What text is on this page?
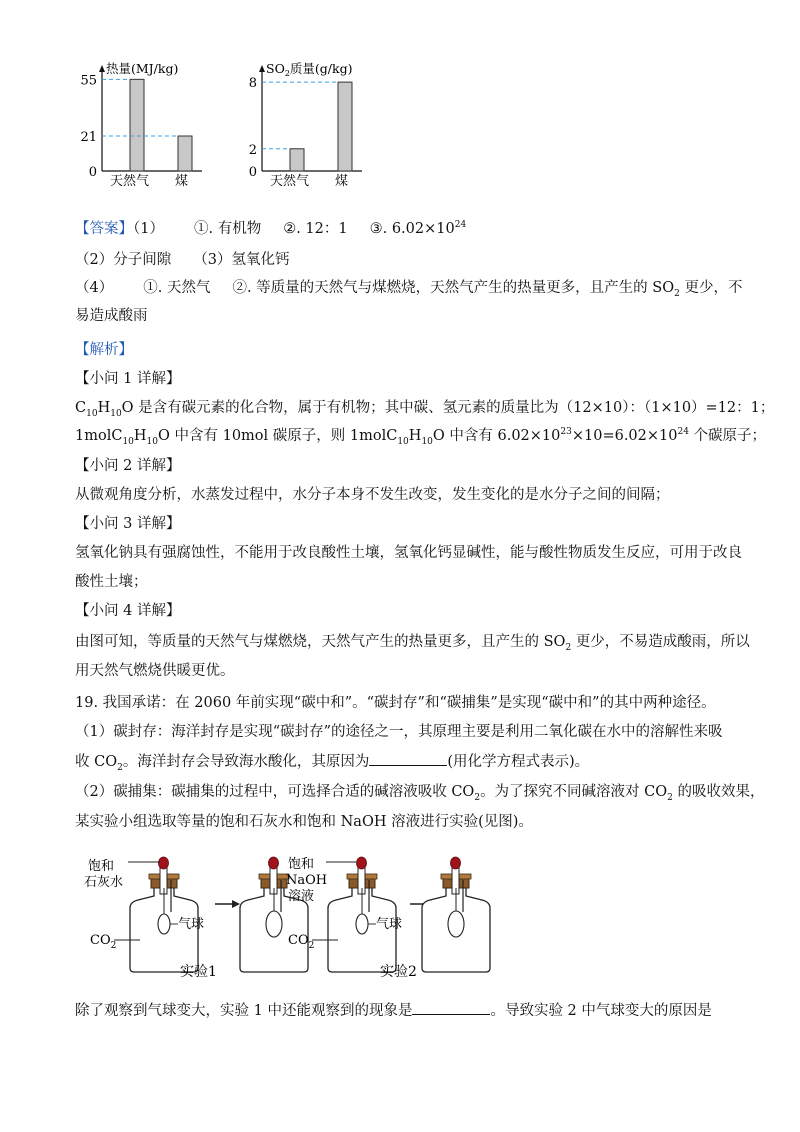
热量(MJ/kg)
天然气 煤
0
21
55
$SO_2$质量(g/kg)
天然气 煤
0
2
8
【答案】（1） ①. 有机物 ②. 12：1 ③. $6.02\times 10^{24}$
（2）分子间隙 （3）氢氧化钙
（4） ①. 天然气 ②. 等质量的天然气与煤燃烧，天然气产生的热量更多，且产生的 $SO_2$ 更少，不
易造成酸雨
【解析】
【小问 1 详解】
$C_{10}H_{10}O$ 是含有碳元素的化合物，属于有机物；其中碳、氢元素的质量比为（12×10）：（1×10）=12：1；
$1molC_{10}H_{10}O$ 中含有 10mol 碳原子，则 $1molC_{10}H_{10}O$ 中含有 $6.02\times 10^{23}\times 10=6.02\times 10^{24}$ 个碳原子；
【小问 2 详解】
从微观角度分析，水蒸发过程中，水分子本身不发生改变，发生变化的是水分子之间的间隔；
【小问 3 详解】
氢氧化钠具有强腐蚀性，不能用于改良酸性土壤，氢氧化钙显碱性，能与酸性物质发生反应，可用于改良
酸性土壤；
【小问 4 详解】
由图可知，等质量的天然气与煤燃烧，天然气产生的热量更多，且产生的 $SO_2$ 更少，不易造成酸雨，所以
用天然气燃烧供暖更优。
19. 我国承诺：在 2060 年前实现“碳中和”。“碳封存”和“碳捕集”是实现“碳中和”的其中两种途径。
（1）碳封存：海洋封存是实现“碳封存”的途径之一，其原理主要是利用二氧化碳在水中的溶解性来吸
收 $CO_2$。海洋封存会导致海水酸化，其原因为	(用化学方程式表示)。
（2）碳捕集：碳捕集的过程中，可选择合适的碱溶液吸收 $CO_2$。为了探究不同碱溶液对 $CO_2$ 的吸收效果，
某实验小组选取等量的饱和石灰水和饱和 NaOH 溶液进行实验(见图)。
饱和
石灰水
气球
$CO_2$
实验1
饱和
NaOH
溶液
气球
$CO_2$
实验2
除了观察到气球变大，实验 1 中还能观察到的现象是	。导致实验 2 中气球变大的原因是
